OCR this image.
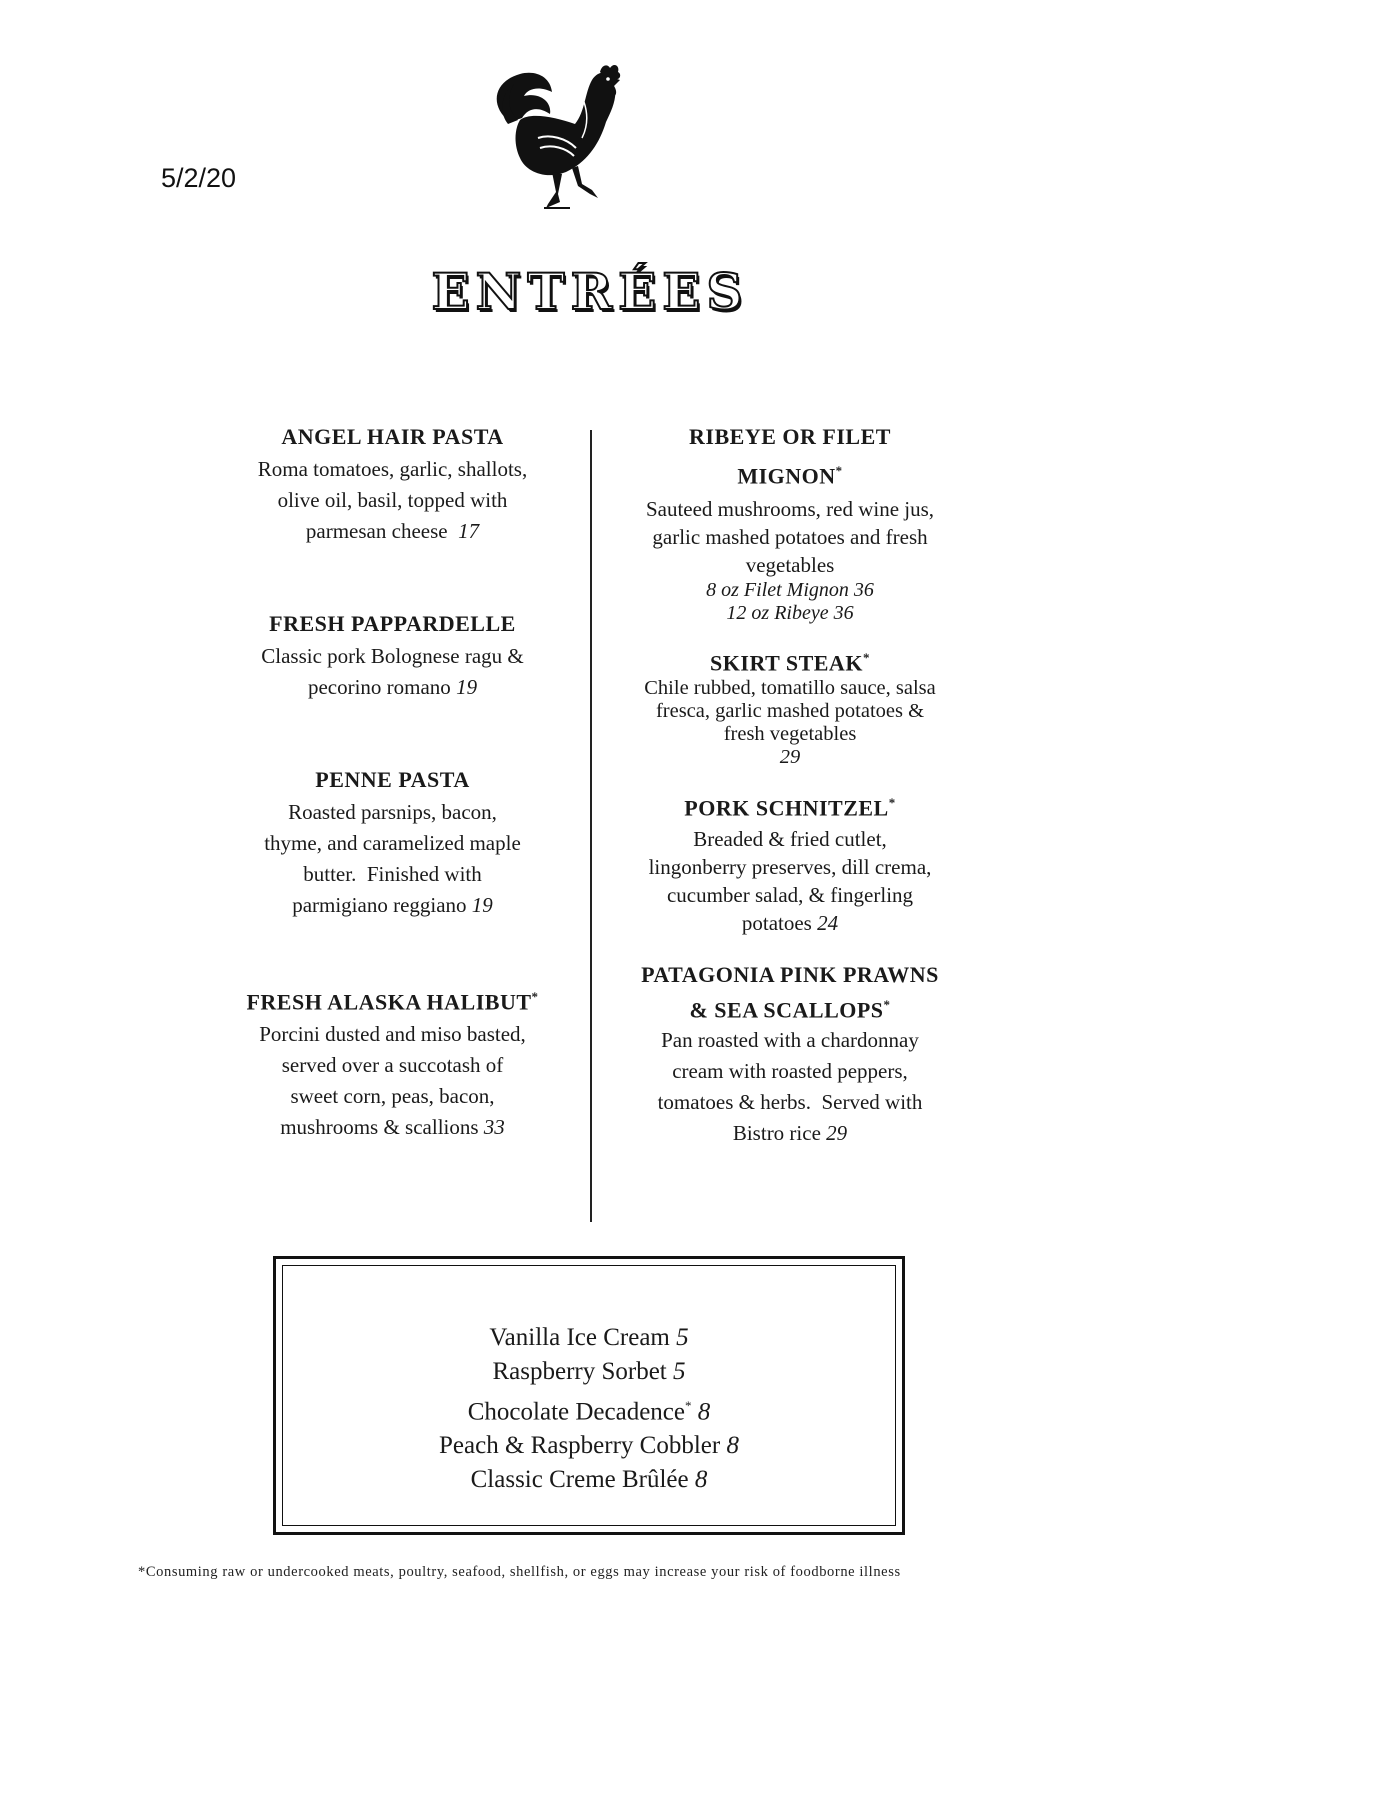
5/2/20
ENTRÉES
ANGEL HAIR PASTA
Roma tomatoes, garlic, shallots,
olive oil, basil, topped with
parmesan cheese 17
FRESH PAPPARDELLE
Classic pork Bolognese ragu &
pecorino romano 19
PENNE PASTA
Roasted parsnips, bacon,
thyme, and caramelized maple
butter.  Finished with
parmigiano reggiano 19
FRESH ALASKA HALIBUT*
Porcini dusted and miso basted,
served over a succotash of
sweet corn, peas, bacon,
mushrooms & scallions 33
RIBEYE OR FILET
MIGNON*
Sauteed mushrooms, red wine jus,
garlic mashed potatoes and fresh
vegetables
8 oz Filet Mignon 36
12 oz Ribeye 36
SKIRT STEAK*
Chile rubbed, tomatillo sauce, salsa
fresca, garlic mashed potatoes &
fresh vegetables
29
PORK SCHNITZEL*
Breaded & fried cutlet,
lingonberry preserves, dill crema,
cucumber salad, & fingerling
potatoes 24
PATAGONIA PINK PRAWNS
& SEA SCALLOPS*
Pan roasted with a chardonnay
cream with roasted peppers,
tomatoes & herbs.  Served with
Bistro rice 29
Vanilla Ice Cream 5
Raspberry Sorbet 5
Chocolate Decadence* 8
Peach & Raspberry Cobbler 8
Classic Creme Brûlée 8
*Consuming raw or undercooked meats, poultry, seafood, shellfish, or eggs may increase your risk of foodborne illness
